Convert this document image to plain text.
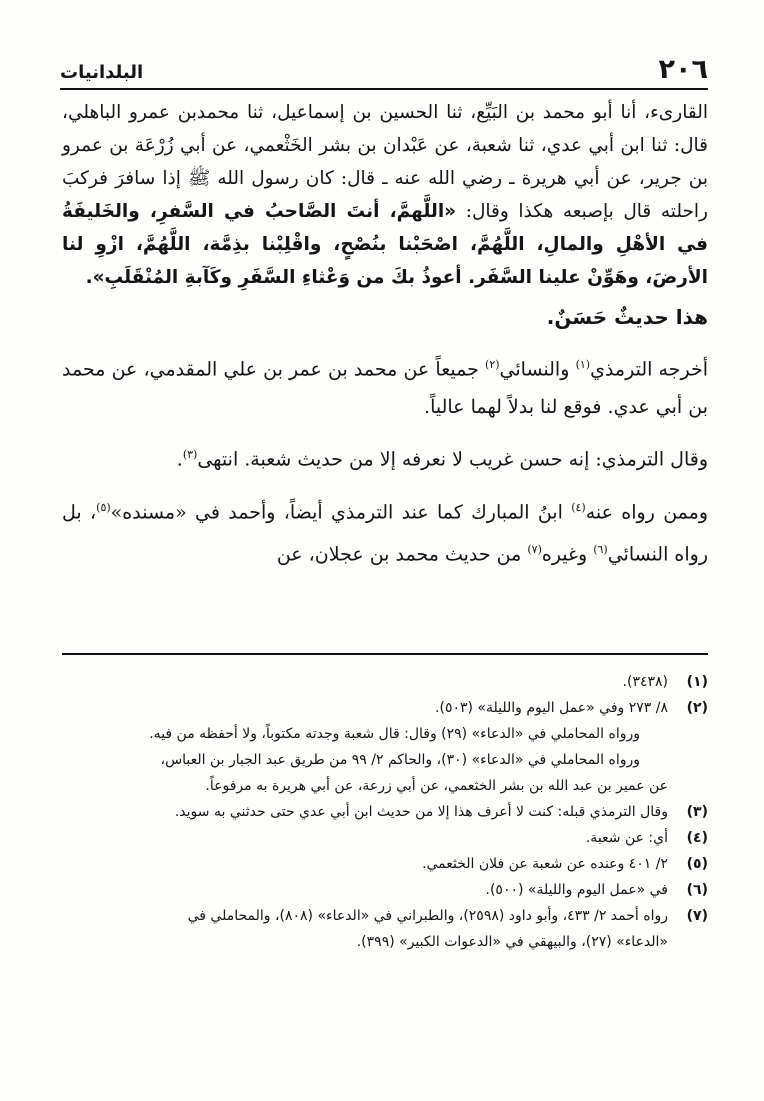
٢٠٦
البلدانيات

القارىء، أنا أبو محمد بن البَيِّع، ثنا الحسين بن إسماعيل، ثنا محمدبن عمرو الباهلي، قال: ثنا ابن أبي عدي، ثنا شعبة، عن عَبْدان بن بشر الخَثْعمي، عن أبي زُرْعَة بن عمرو بن جرير، عن أبي هريرة ـ رضي الله عنه ـ قال: كان رسول الله ﷺ إذا سافرَ فركبَ راحلته قال بإصبعه هكذا وقال: «اللَّهمَّ، أنتَ الصَّاحبُ في السَّفرِ، والخَليفَةُ في الأهْلِ والمالِ، اللَّهُمَّ، اصْحَبْنا بنُصْحٍ، واقْلِبْنا بذِمَّة، اللَّهُمَّ، ازْوِ لنا الأرضَ، وهَوِّنْ علينا السَّفَر. أعوذُ بكَ من وَعْثاءِ السَّفَرِ وكَآبةِ المُنْقَلَبِ».

هذا حديثٌ حَسَنٌ.

أخرجه الترمذي$^{(١)}$ والنسائي$^{(٢)}$ جميعاً عن محمد بن عمر بن علي المقدمي، عن محمد بن أبي عدي. فوقع لنا بدلاً لهما عالياً.

وقال الترمذي: إنه حسن غريب لا نعرفه إلا من حديث شعبة. انتهى$^{(٣)}$.

وممن رواه عنه$^{(٤)}$ ابنُ المبارك كما عند الترمذي أيضاً، وأحمد في «مسنده»$^{(٥)}$، بل رواه النسائي$^{(٦)}$ وغيره$^{(٧)}$ من حديث محمد بن عجلان، عن

(١)
(٣٤٣٨).
(٢)
٨/ ٢٧٣ وفي «عمل اليوم والليلة» (٥٠٣).
ورواه المحاملي في «الدعاء» (٢٩) وقال: قال شعبة وجدته مكتوباً، ولا أحفظه من فيه.
ورواه المحاملي في «الدعاء» (٣٠)، والحاكم ٢/ ٩٩ من طريق عبد الجبار بن العباس،
عن عمير بن عبد الله بن بشر الخثعمي، عن أبي زرعة، عن أبي هريرة به مرفوعاً.
(٣)
وقال الترمذي قبله: كنت لا أعرف هذا إلا من حديث ابن أبي عدي حتى حدثني به سويد.
(٤)
أي: عن شعبة.
(٥)
٢/ ٤٠١ وعنده عن شعبة عن فلان الخثعمي.
(٦)
في «عمل اليوم والليلة» (٥٠٠).
(٧)
رواه أحمد ٢/ ٤٣٣، وأبو داود (٢٥٩٨)، والطبراني في «الدعاء» (٨٠٨)، والمحاملي في
«الدعاء» (٢٧)، والبيهقي في «الدعوات الكبير» (٣٩٩).
